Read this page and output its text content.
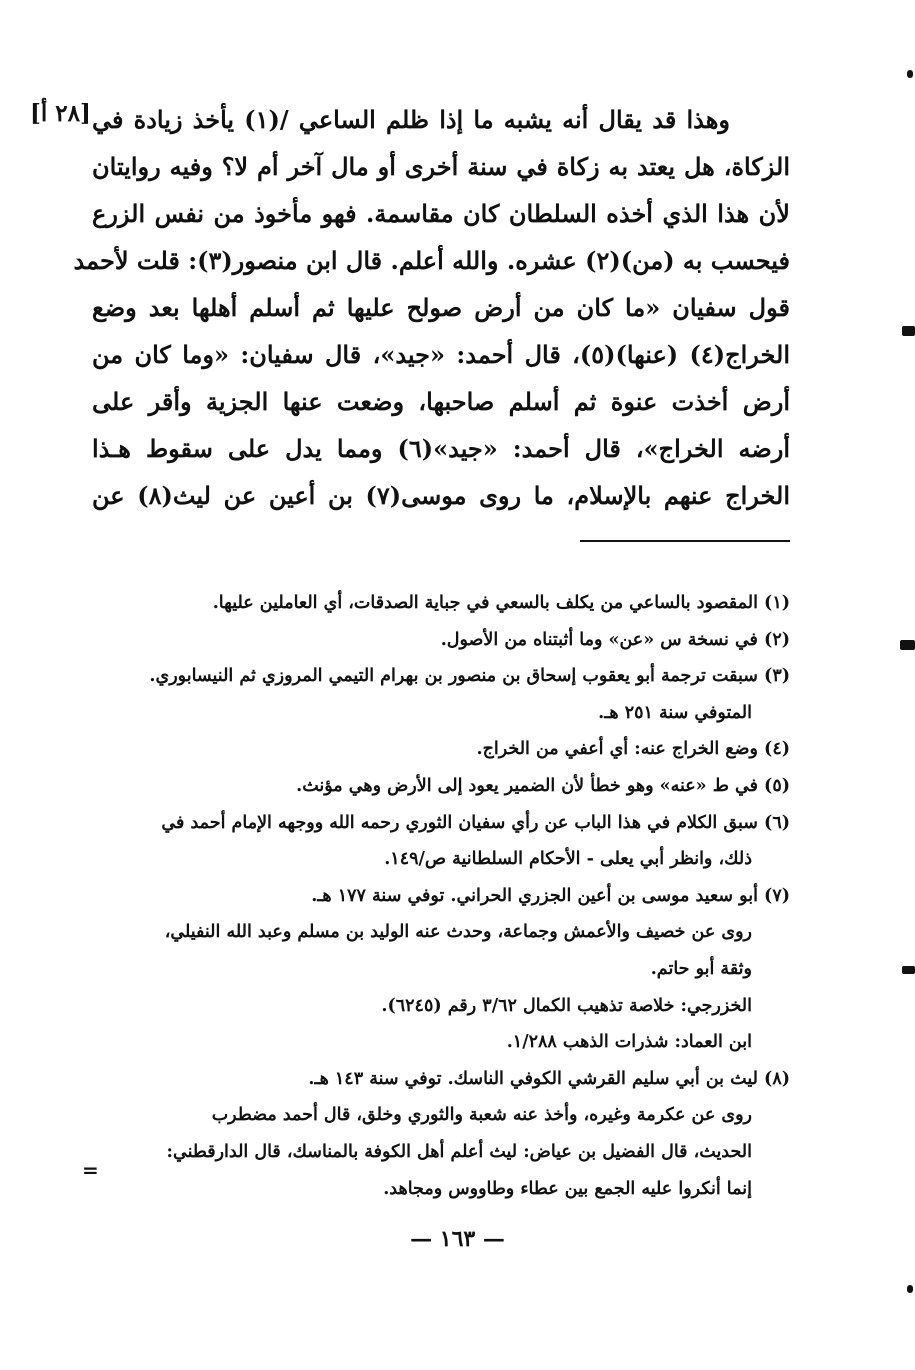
[٢٨ أ] وهذا قد يقال أنه يشبه ما إذا ظلم الساعي /(١) يأخذ زيادة في
الزكاة، هل يعتد به زكاة في سنة أخرى أو مال آخر أم لا؟ وفيه روايتان
لأن هذا الذي أخذه السلطان كان مقاسمة. فهو مأخوذ من نفس الزرع
فيحسب به (من)(٢) عشره. والله أعلم. قال ابن منصور(٣): قلت لأحمد
قول سفيان «ما كان من أرض صولح عليها ثم أسلم أهلها بعد وضع
الخراج(٤) (عنها)(٥)، قال أحمد: «جيد»، قال سفيان: «وما كان من
أرض أخذت عنوة ثم أسلم صاحبها، وضعت عنها الجزية وأقر على
أرضه الخراج»، قال أحمد: «جيد»(٦) ومما يدل على سقوط هـذا
الخراج عنهم بالإسلام، ما روى موسى(٧) بن أعين عن ليث(٨) عن
(١) المقصود بالساعي من يكلف بالسعي في جباية الصدقات، أي العاملين عليها.
(٢) في نسخة س «عن» وما أثبتناه من الأصول.
(٣) سبقت ترجمة أبو يعقوب إسحاق بن منصور بن بهرام التيمي المروزي ثم النيسابوري.
المتوفي سنة ٢٥١ هـ.
(٤) وضع الخراج عنه: أي أعفي من الخراج.
(٥) في ط «عنه» وهو خطأ لأن الضمير يعود إلى الأرض وهي مؤنث.
(٦) سبق الكلام في هذا الباب عن رأي سفيان الثوري رحمه الله ووجهه الإمام أحمد في
ذلك، وانظر أبي يعلى - الأحكام السلطانية ص/١٤٩.
(٧) أبو سعيد موسى بن أعين الجزري الحراني. توفي سنة ١٧٧ هـ.
روى عن خصيف والأعمش وجماعة، وحدث عنه الوليد بن مسلم وعبد الله النفيلي،
وثقة أبو حاتم.
الخزرجي: خلاصة تذهيب الكمال ٣/٦٢ رقم (٦٢٤٥).
ابن العماد: شذرات الذهب ١/٢٨٨.
(٨) ليث بن أبي سليم القرشي الكوفي الناسك. توفي سنة ١٤٣ هـ.
روى عن عكرمة وغيره، وأخذ عنه شعبة والثوري وخلق، قال أحمد مضطرب
الحديث، قال الفضيل بن عياض: ليث أعلم أهل الكوفة بالمناسك، قال الدارقطني:
إنما أنكروا عليه الجمع بين عطاء وطاووس ومجاهد.
=
— ١٦٣ —
